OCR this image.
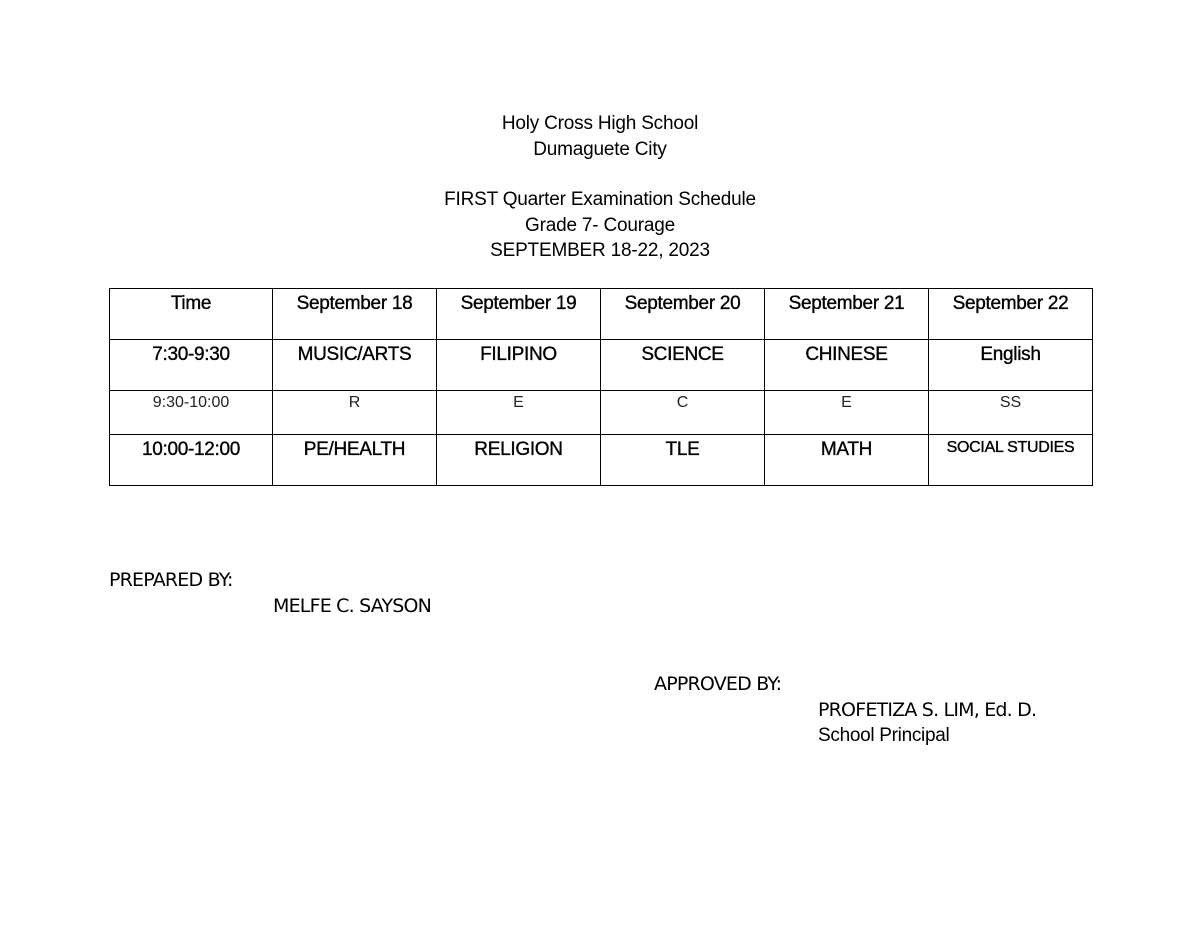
Holy Cross High School
Dumaguete City
FIRST Quarter Examination Schedule
Grade 7- Courage
SEPTEMBER 18-22, 2023
Time	September 18	September 19	September 20	September 21	September 22
7:30-9:30	MUSIC/ARTS	FILIPINO	SCIENCE	CHINESE	English
9:30-10:00	R	E	C	E	SS
10:00-12:00	PE/HEALTH	RELIGION	TLE	MATH	SOCIAL STUDIES
PREPARED BY:
MELFE C. SAYSON
APPROVED BY:
PROFETIZA S. LIM, Ed. D.
School Principal
